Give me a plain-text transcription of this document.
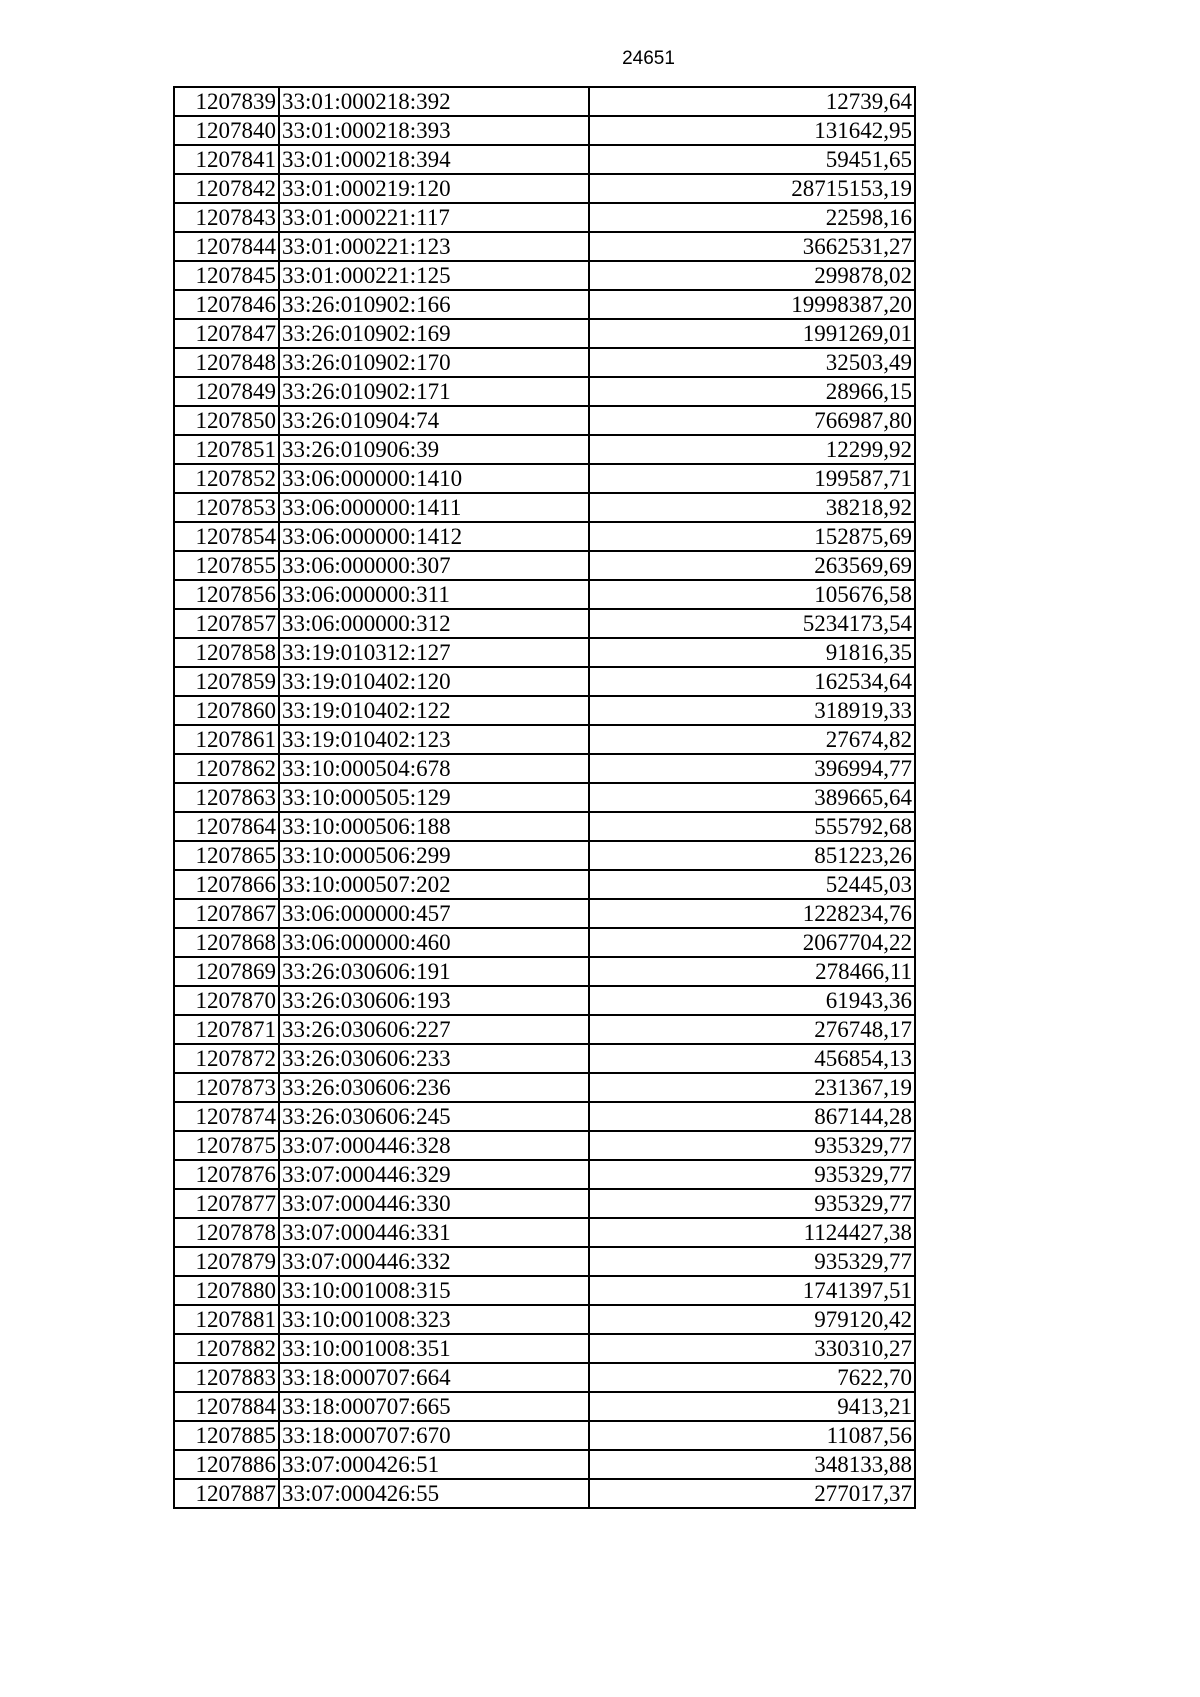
24651
1207839	33:01:000218:392	12739,64
1207840	33:01:000218:393	131642,95
1207841	33:01:000218:394	59451,65
1207842	33:01:000219:120	28715153,19
1207843	33:01:000221:117	22598,16
1207844	33:01:000221:123	3662531,27
1207845	33:01:000221:125	299878,02
1207846	33:26:010902:166	19998387,20
1207847	33:26:010902:169	1991269,01
1207848	33:26:010902:170	32503,49
1207849	33:26:010902:171	28966,15
1207850	33:26:010904:74	766987,80
1207851	33:26:010906:39	12299,92
1207852	33:06:000000:1410	199587,71
1207853	33:06:000000:1411	38218,92
1207854	33:06:000000:1412	152875,69
1207855	33:06:000000:307	263569,69
1207856	33:06:000000:311	105676,58
1207857	33:06:000000:312	5234173,54
1207858	33:19:010312:127	91816,35
1207859	33:19:010402:120	162534,64
1207860	33:19:010402:122	318919,33
1207861	33:19:010402:123	27674,82
1207862	33:10:000504:678	396994,77
1207863	33:10:000505:129	389665,64
1207864	33:10:000506:188	555792,68
1207865	33:10:000506:299	851223,26
1207866	33:10:000507:202	52445,03
1207867	33:06:000000:457	1228234,76
1207868	33:06:000000:460	2067704,22
1207869	33:26:030606:191	278466,11
1207870	33:26:030606:193	61943,36
1207871	33:26:030606:227	276748,17
1207872	33:26:030606:233	456854,13
1207873	33:26:030606:236	231367,19
1207874	33:26:030606:245	867144,28
1207875	33:07:000446:328	935329,77
1207876	33:07:000446:329	935329,77
1207877	33:07:000446:330	935329,77
1207878	33:07:000446:331	1124427,38
1207879	33:07:000446:332	935329,77
1207880	33:10:001008:315	1741397,51
1207881	33:10:001008:323	979120,42
1207882	33:10:001008:351	330310,27
1207883	33:18:000707:664	7622,70
1207884	33:18:000707:665	9413,21
1207885	33:18:000707:670	11087,56
1207886	33:07:000426:51	348133,88
1207887	33:07:000426:55	277017,37
